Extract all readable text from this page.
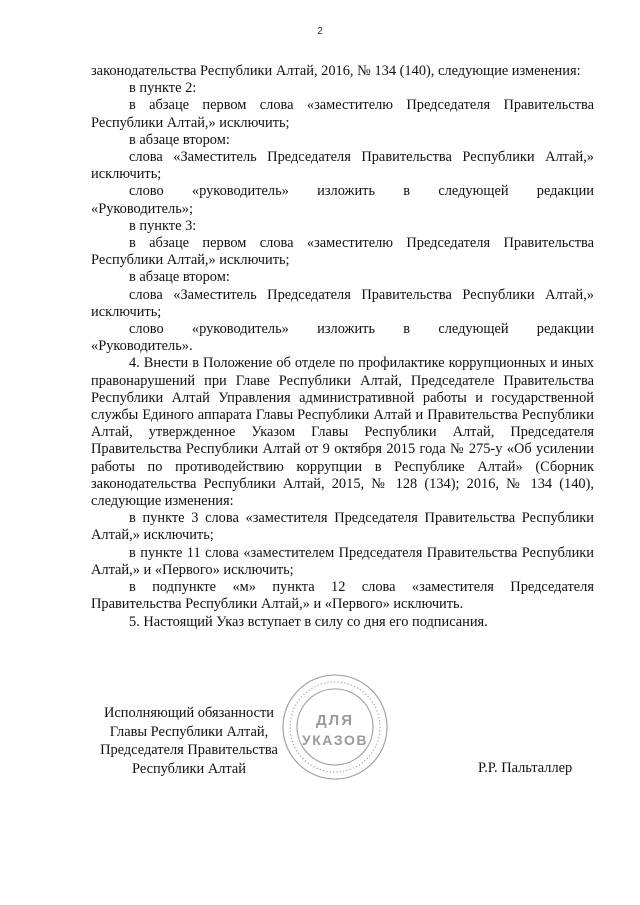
2

законодательства Республики Алтай, 2016, № 134 (140), следующие изменения:

в пункте 2:

в абзаце первом слова «заместителю Председателя Правительства Республики Алтай,» исключить;

в абзаце втором:

слова «Заместитель Председателя Правительства Республики Алтай,» исключить;

слово «руководитель» изложить в следующей редакции

«Руководитель»;

в пункте 3:

в абзаце первом слова «заместителю Председателя Правительства Республики Алтай,» исключить;

в абзаце втором:

слова «Заместитель Председателя Правительства Республики Алтай,» исключить;

слово «руководитель» изложить в следующей редакции

«Руководитель».

4. Внести в Положение об отделе по профилактике коррупционных и иных правонарушений при Главе Республики Алтай, Председателе Правительства Республики Алтай Управления административной работы и государственной службы Единого аппарата Главы Республики Алтай и Правительства Республики Алтай, утвержденное Указом Главы Республики Алтай, Председателя Правительства Республики Алтай от 9 октября 2015 года № 275-у «Об усилении работы по противодействию коррупции в Республике Алтай» (Сборник законодательства Республики Алтай, 2015, № 128 (134); 2016, № 134 (140), следующие изменения:

в пункте 3 слова «заместителя Председателя Правительства Республики Алтай,» исключить;

в пункте 11 слова «заместителем Председателя Правительства Республики Алтай,» и «Первого» исключить;

в подпункте «м» пункта 12 слова «заместителя Председателя Правительства Республики Алтай,» и «Первого» исключить.

5. Настоящий Указ вступает в силу со дня его подписания.

Исполняющий обязанности
Главы Республики Алтай,
Председателя Правительства
Республики Алтай	Р.Р. Пальталлер
ДЛЯ
УКАЗОВ
